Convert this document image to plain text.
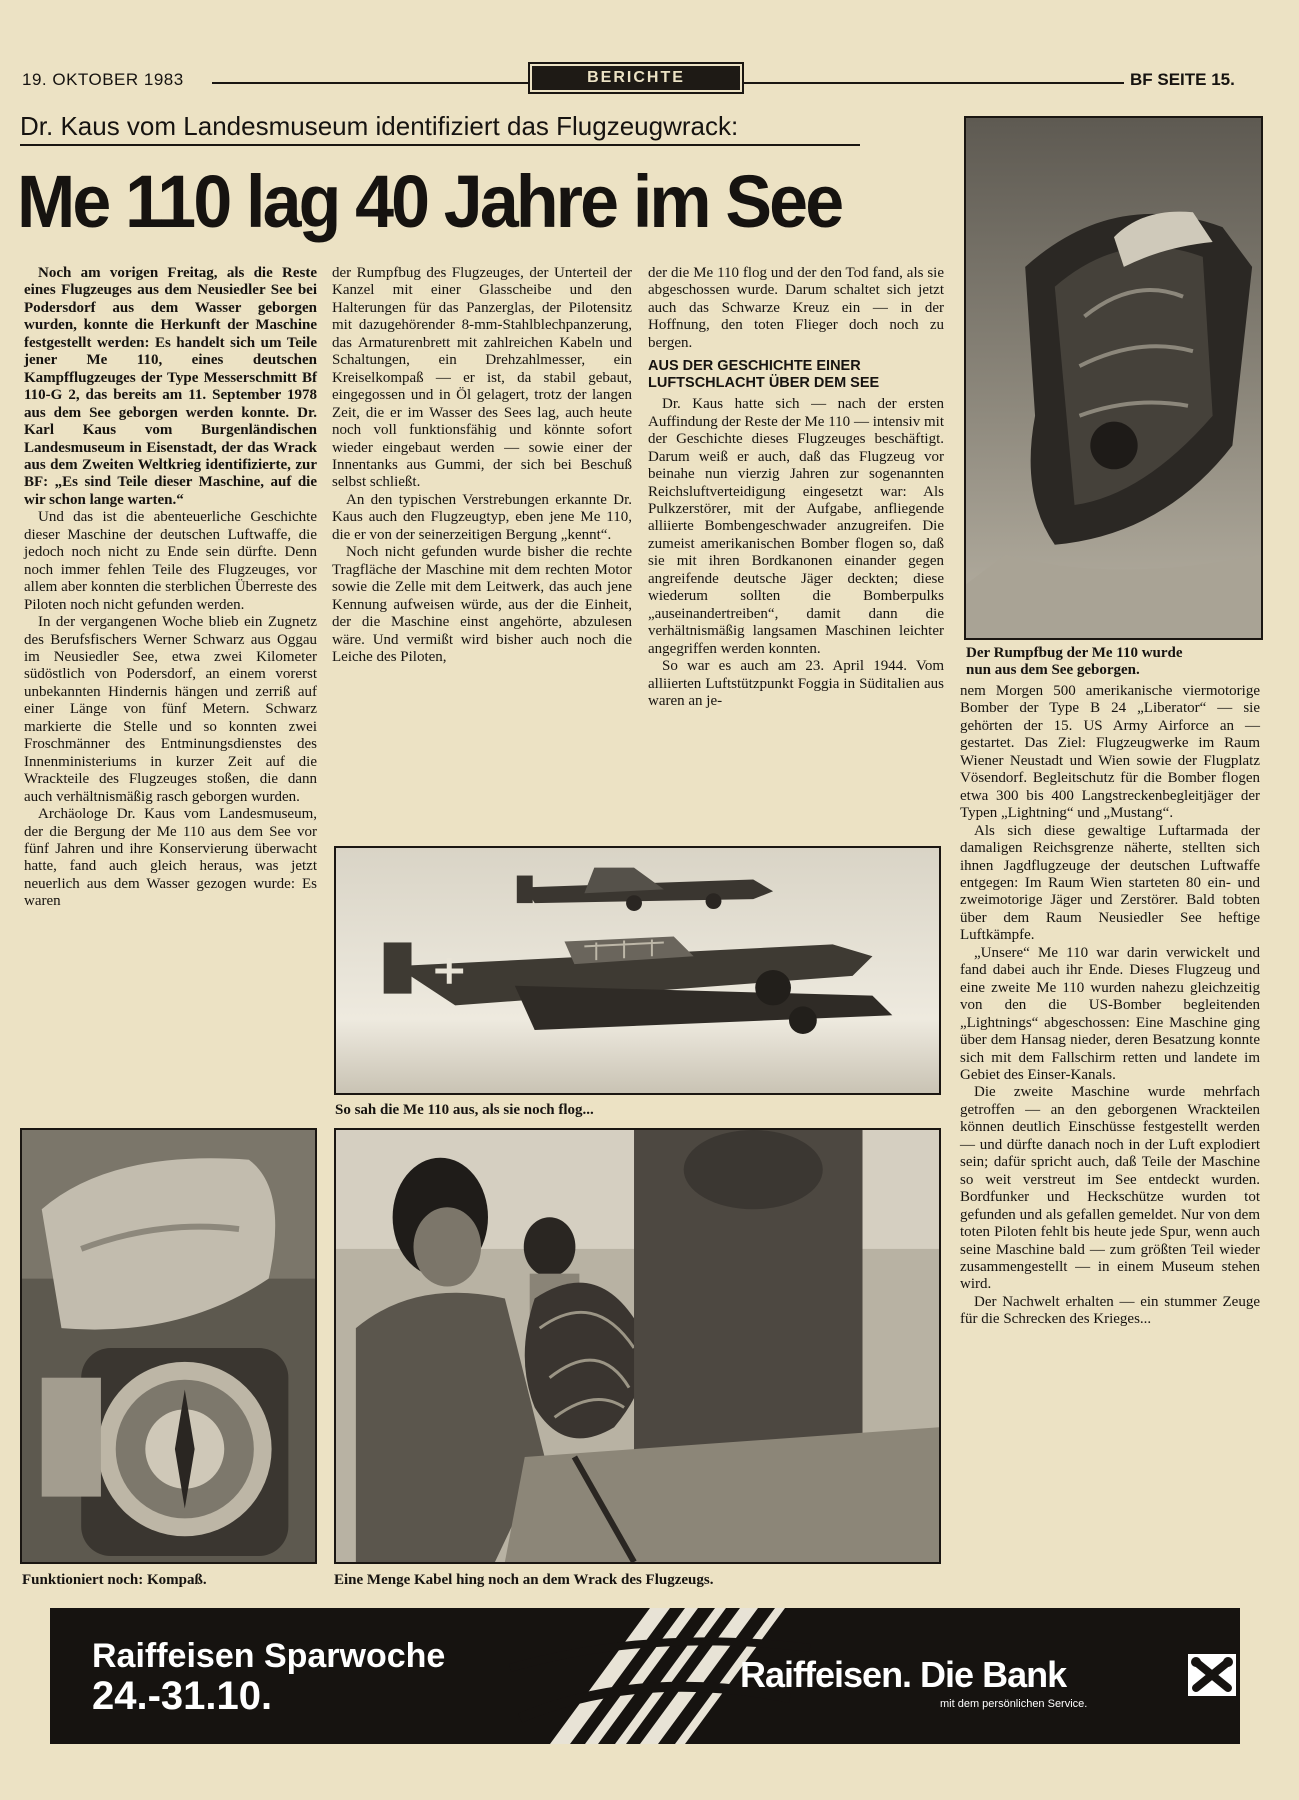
19. OKTOBER 1983	BERICHTE	BF SEITE 15.
Dr. Kaus vom Landesmuseum identifiziert das Flugzeugwrack:
Me 110 lag 40 Jahre im See

Noch am vorigen Freitag, als die Reste eines Flugzeuges aus dem Neusiedler See bei Podersdorf aus dem Wasser geborgen wurden, konnte die Herkunft der Maschine festgestellt werden: Es handelt sich um Teile jener Me 110, eines deutschen Kampfflugzeuges der Type Messerschmitt Bf 110-G 2, das bereits am 11. September 1978 aus dem See geborgen werden konnte. Dr. Karl Kaus vom Burgenländischen Landesmuseum in Eisenstadt, der das Wrack aus dem Zweiten Weltkrieg identifizierte, zur BF: „Es sind Teile dieser Maschine, auf die wir schon lange warten.“

Und das ist die abenteuerliche Geschichte dieser Maschine der deutschen Luftwaffe, die jedoch noch nicht zu Ende sein dürfte. Denn noch immer fehlen Teile des Flugzeuges, vor allem aber konnten die sterblichen Überreste des Piloten noch nicht gefunden werden.

In der vergangenen Woche blieb ein Zugnetz des Berufsfischers Werner Schwarz aus Oggau im Neusiedler See, etwa zwei Kilometer südöstlich von Podersdorf, an einem vorerst unbekannten Hindernis hängen und zerriß auf einer Länge von fünf Metern. Schwarz markierte die Stelle und so konnten zwei Froschmänner des Entminungsdienstes des Innenministeriums in kurzer Zeit auf die Wrackteile des Flugzeuges stoßen, die dann auch verhältnismäßig rasch geborgen wurden.

Archäologe Dr. Kaus vom Landesmuseum, der die Bergung der Me 110 aus dem See vor fünf Jahren und ihre Konservierung überwacht hatte, fand auch gleich heraus, was jetzt neuerlich aus dem Wasser gezogen wurde: Es waren

der Rumpfbug des Flugzeuges, der Unterteil der Kanzel mit einer Glasscheibe und den Halterungen für das Panzerglas, der Pilotensitz mit dazugehörender 8-mm-Stahlblechpanzerung, das Armaturenbrett mit zahlreichen Kabeln und Schaltungen, ein Drehzahlmesser, ein Kreiselkompaß — er ist, da stabil gebaut, eingegossen und in Öl gelagert, trotz der langen Zeit, die er im Wasser des Sees lag, auch heute noch voll funktionsfähig und könnte sofort wieder eingebaut werden — sowie einer der Innentanks aus Gummi, der sich bei Beschuß selbst schließt.

An den typischen Verstrebungen erkannte Dr. Kaus auch den Flugzeugtyp, eben jene Me 110, die er von der seinerzeitigen Bergung „kennt“.

Noch nicht gefunden wurde bisher die rechte Tragfläche der Maschine mit dem rechten Motor sowie die Zelle mit dem Leitwerk, das auch jene Kennung aufweisen würde, aus der die Einheit, der die Maschine einst angehörte, abzulesen wäre. Und vermißt wird bisher auch noch die Leiche des Piloten,

der die Me 110 flog und der den Tod fand, als sie abgeschossen wurde. Darum schaltet sich jetzt auch das Schwarze Kreuz ein — in der Hoffnung, den toten Flieger doch noch zu bergen.

AUS DER GESCHICHTE EINER LUFTSCHLACHT ÜBER DEM SEE

Dr. Kaus hatte sich — nach der ersten Auffindung der Reste der Me 110 — intensiv mit der Geschichte dieses Flugzeuges beschäftigt. Darum weiß er auch, daß das Flugzeug vor beinahe nun vierzig Jahren zur sogenannten Reichsluftverteidigung eingesetzt war: Als Pulkzerstörer, mit der Aufgabe, anfliegende alliierte Bombengeschwader anzugreifen. Die zumeist amerikanischen Bomber flogen so, daß sie mit ihren Bordkanonen einander gegen angreifende deutsche Jäger deckten; diese wiederum sollten die Bomberpulks „auseinandertreiben“, damit dann die verhältnismäßig langsamen Maschinen leichter angegriffen werden konnten.

So war es auch am 23. April 1944. Vom alliierten Luftstützpunkt Foggia in Süditalien aus waren an je-

nem Morgen 500 amerikanische viermotorige Bomber der Type B 24 „Liberator“ — sie gehörten der 15. US Army Airforce an — gestartet. Das Ziel: Flugzeugwerke im Raum Wiener Neustadt und Wien sowie der Flugplatz Vösendorf. Begleitschutz für die Bomber flogen etwa 300 bis 400 Langstreckenbegleitjäger der Typen „Lightning“ und „Mustang“.

Als sich diese gewaltige Luftarmada der damaligen Reichsgrenze näherte, stellten sich ihnen Jagdflugzeuge der deutschen Luftwaffe entgegen: Im Raum Wien starteten 80 ein- und zweimotorige Jäger und Zerstörer. Bald tobten über dem Raum Neusiedler See heftige Luftkämpfe.

„Unsere“ Me 110 war darin verwickelt und fand dabei auch ihr Ende. Dieses Flugzeug und eine zweite Me 110 wurden nahezu gleichzeitig von den die US-Bomber begleitenden „Lightnings“ abgeschossen: Eine Maschine ging über dem Hansag nieder, deren Besatzung konnte sich mit dem Fallschirm retten und landete im Gebiet des Einser-Kanals.

Die zweite Maschine wurde mehrfach getroffen — an den geborgenen Wrackteilen können deutlich Einschüsse festgestellt werden — und dürfte danach noch in der Luft explodiert sein; dafür spricht auch, daß Teile der Maschine so weit verstreut im See entdeckt wurden. Bordfunker und Heckschütze wurden tot gefunden und als gefallen gemeldet. Nur von dem toten Piloten fehlt bis heute jede Spur, wenn auch seine Maschine bald — zum größten Teil wieder zusammengestellt — in einem Museum stehen wird.

Der Nachwelt erhalten — ein stummer Zeuge für die Schrecken des Krieges...

Der Rumpfbug der Me 110 wurde
nun aus dem See geborgen.
So sah die Me 110 aus, als sie noch flog...
Funktioniert noch: Kompaß.	Eine Menge Kabel hing noch an dem Wrack des Flugzeugs.
Raiffeisen Sparwoche
24.-31.10.	Raiffeisen. Die Bank
mit dem persönlichen Service.
